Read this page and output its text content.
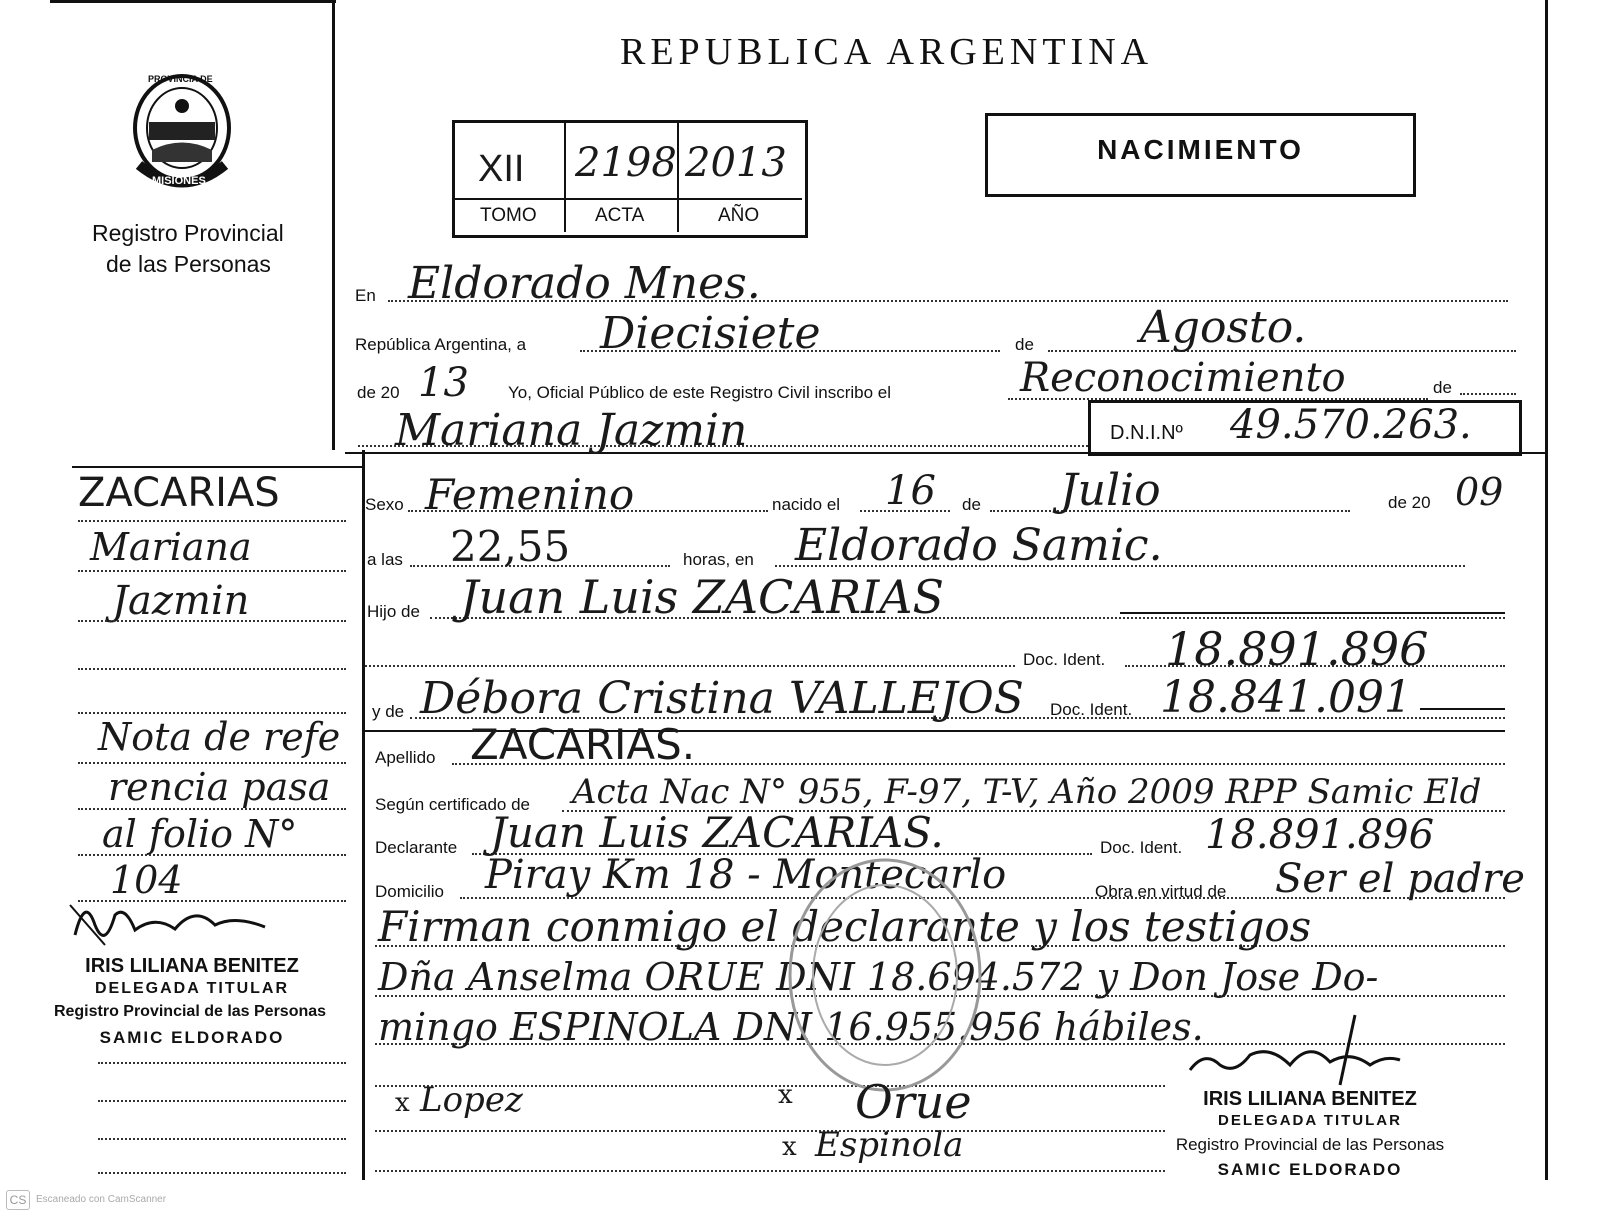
REPUBLICA ARGENTINA
NACIMIENTO
PROVINCIA DE
MISIONES
Registro Provincial
de las Personas
XII 2198 2013
TOMO	ACTA	AÑO
ZACARIAS
Mariana
Jazmin
Nota de refe
rencia pasa
al folio N°
104
IRIS LILIANA BENITEZ
DELEGADA TITULAR
Registro Provincial de las Personas
SAMIC ELDORADO
En Eldorado Mnes.
República Argentina, a Diecisiete	de Agosto.
de 20 13 Yo, Oficial Público de este Registro Civil inscribo el	Reconocimiento	de
Mariana Jazmin	D.N.I.Nº 49.570.263.
Sexo Femenino	nacido el 16 de Julio	de 20 09
a las 22,55	horas, en Eldorado Samic.
Hijo de Juan Luis ZACARIAS
Doc. Ident. 18.891.896
y de Débora Cristina VALLEJOS Doc. Ident. 18.841.091
Apellido ZACARIAS.
Según certificado de Acta Nac N° 955, F-97, T-V, Año 2009 RPP Samic Eld
Declarante Juan Luis ZACARIAS.	Doc. Ident. 18.891.896
Domicilio Piray Km 18 - Montecarlo	Obra en virtud de Ser el padre
Firman conmigo el declarante y los testigos
Dña Anselma ORUE DNI 18.694.572 y Don Jose Do-
mingo ESPINOLA DNI 16.955.956 hábiles.
x Lopez	x Orue
x Espinola
IRIS LILIANA BENITEZ
DELEGADA TITULAR
Registro Provincial de las Personas
SAMIC ELDORADO
CS Escaneado con CamScanner
